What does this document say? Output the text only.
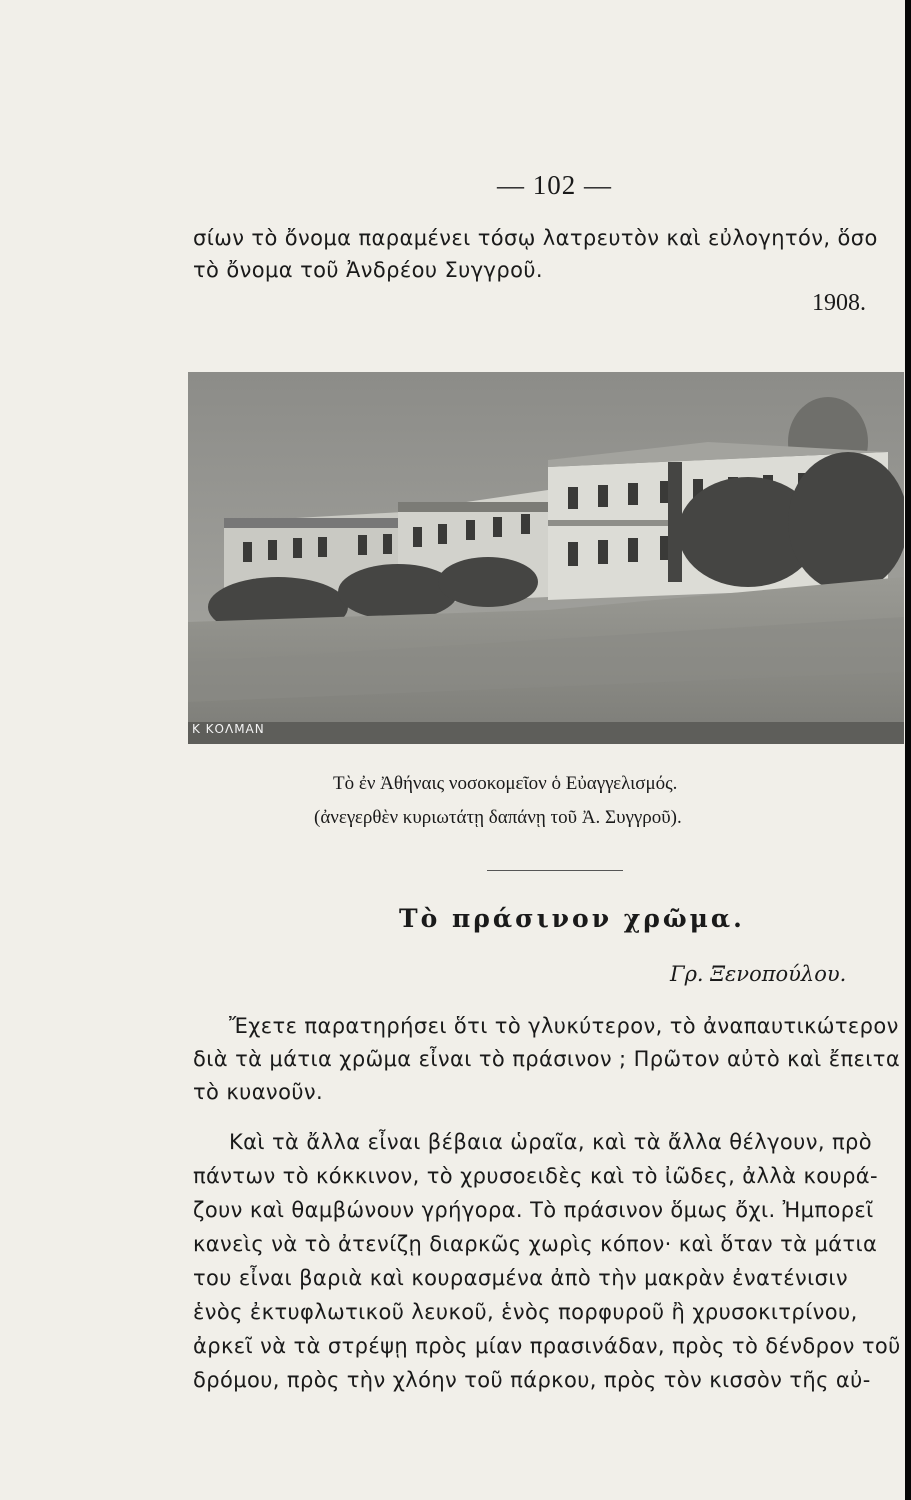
— 102 —
σίων τὸ ὄνομα παραμένει τόσῳ λατρευτὸν καὶ εὐλογητόν, ὅσο
τὸ ὄνομα τοῦ Ἀνδρέου Συγγροῦ.
1908.
Κ ΚΟΛΜΑΝ
Τὸ ἐν Ἀθήναις νοσοκομεῖον ὁ Εὐαγγελισμός.
(ἀνεγερθὲν κυριωτάτῃ δαπάνῃ τοῦ Ἀ. Συγγροῦ).
Τὸ πράσινον χρῶμα.
Γρ. Ξενοπούλου.
Ἔχετε παρατηρήσει ὅτι τὸ γλυκύτερον, τὸ ἀναπαυτικώτερον
διὰ τὰ μάτια χρῶμα εἶναι τὸ πράσινον ; Πρῶτον αὐτὸ καὶ ἔπειτα
τὸ κυανοῦν.
Καὶ τὰ ἄλλα εἶναι βέβαια ὡραῖα, καὶ τὰ ἄλλα θέλγουν, πρὸ
πάντων τὸ κόκκινον, τὸ χρυσοειδὲς καὶ τὸ ἰῶδες, ἀλλὰ κουρά-
ζουν καὶ θαμβώνουν γρήγορα. Τὸ πράσινον ὅμως ὄχι. Ἠμπορεῖ
κανεὶς νὰ τὸ ἀτενίζῃ διαρκῶς χωρὶς κόπον· καὶ ὅταν τὰ μάτια
του εἶναι βαριὰ καὶ κουρασμένα ἀπὸ τὴν μακρὰν ἐνατένισιν
ἑνὸς ἐκτυφλωτικοῦ λευκοῦ, ἑνὸς πορφυροῦ ἢ χρυσοκιτρίνου,
ἀρκεῖ νὰ τὰ στρέψῃ πρὸς μίαν πρασινάδαν, πρὸς τὸ δένδρον τοῦ
δρόμου, πρὸς τὴν χλόην τοῦ πάρκου, πρὸς τὸν κισσὸν τῆς αὐ-
